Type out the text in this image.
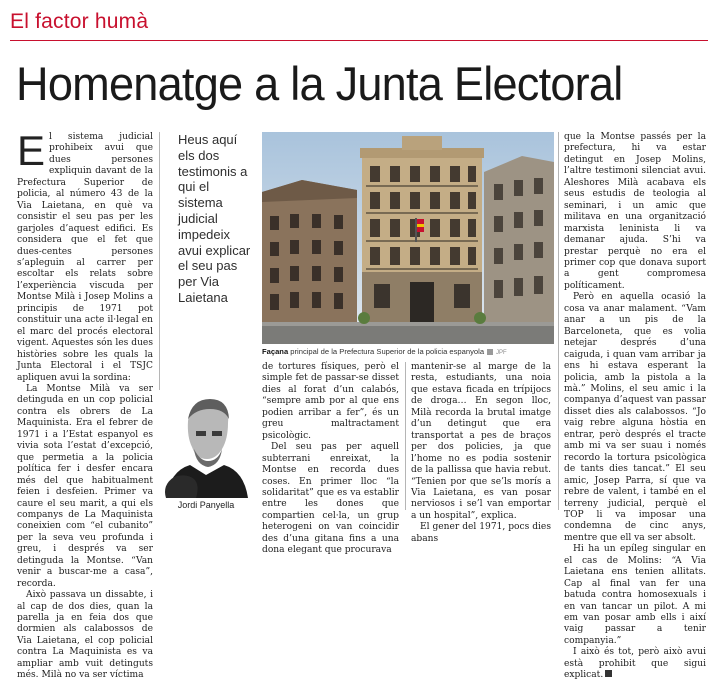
El factor humà
Homenatge a la Junta Electoral

El sistema judicial prohibeix avui que dues persones expliquin davant de la Prefectura Superior de policia, al número 43 de la Via Laietana, en què va consistir el seu pas per les garjoles d’aquest edifici. Es considera que el fet que dues-centes persones s’apleguin al carrer per escoltar els relats sobre l’experiència viscuda per Montse Milà i Josep Molins a principis de 1971 pot constituir una acte il·legal en el marc del procés electoral vigent. Aquestes són les dues històries sobre les quals la Junta Electoral i el TSJC apliquen avui la sordina:

La Montse Milà va ser detinguda en un cop policial contra els obrers de La Maquinista. Era el febrer de 1971 i a l’Estat espanyol es vivia sota l’estat d’excepció, que permetia a la policia política fer i desfer encara més del que habitualment feien i desfeien. Primer va caure el seu marit, a qui els companys de La Maquinista coneixien com “el cubanito” per la seva veu profunda i greu, i després va ser detinguda la Montse. “Van venir a buscar-me a casa”, recorda.

Això passava un dissabte, i al cap de dos dies, quan la parella ja en feia dos que dormien als calabossos de Via Laietana, el cop policial contra La Maquinista es va ampliar amb vuit detinguts més. Milà no va ser víctima

Heus aquí els dos testimonis a qui el sistema judicial impedeix avui explicar el seu pas per Via Laietana
Façana principal de la Prefectura Superior de la policia espanyola JPF
Jordi Panyella

de tortures físiques, però el simple fet de passar-se disset dies al forat d’un calabós, “sempre amb por al que ens podien arribar a fer”, és un greu maltractament psicològic.

Del seu pas per aquell subterrani enreixat, la Montse en recorda dues coses. En primer lloc “la solidaritat” que es va establir entre les dones que compartien cel·la, un grup heterogeni on van coincidir des d’una gitana fins a una dona elegant que procurava

mantenir-se al marge de la resta, estudiants, una noia que estava ficada en trípijocs de droga… En segon lloc, Milà recorda la brutal imatge d’un detingut que era transportat a pes de braços per dos policies, ja que l’home no es podia sostenir de la pallissa que havia rebut. “Tenien por que se’ls morís a Via Laietana, es van posar nerviosos i se’l van emportar a un hospital”, explica.

El gener del 1971, pocs dies abans

que la Montse passés per la prefectura, hi va estar detingut en Josep Molins, l’altre testimoni silenciat avui. Aleshores Milà acabava els seus estudis de teologia al seminari, i un amic que militava en una organització marxista leninista li va demanar ajuda. S’hi va prestar perquè no era el primer cop que donava suport a gent compromesa políticament.

Però en aquella ocasió la cosa va anar malament. “Vam anar a un pis de la Barceloneta, que es volia netejar després d’una caiguda, i quan vam arribar ja ens hi estava esperant la policia, amb la pistola a la mà.” Molins, el seu amic i la companya d’aquest van passar disset dies als calabossos. “Jo vaig rebre alguna hòstia en entrar, però després el tracte amb mi va ser suau i només recordo la tortura psicològica de tants dies tancat.” El seu amic, Josep Parra, sí que va rebre de valent, i també en el terreny judicial, perquè el TOP li va imposar una condemna de cinc anys, mentre que ell va ser absolt.

Hi ha un epíleg singular en el cas de Molins: “A Via Laietana ens tenien allitats. Cap al final van fer una batuda contra homosexuals i en van tancar un pilot. A mi em van posar amb ells i així vaig passar a tenir companyia.”

I això és tot, però això avui està prohibit que sigui explicat.
